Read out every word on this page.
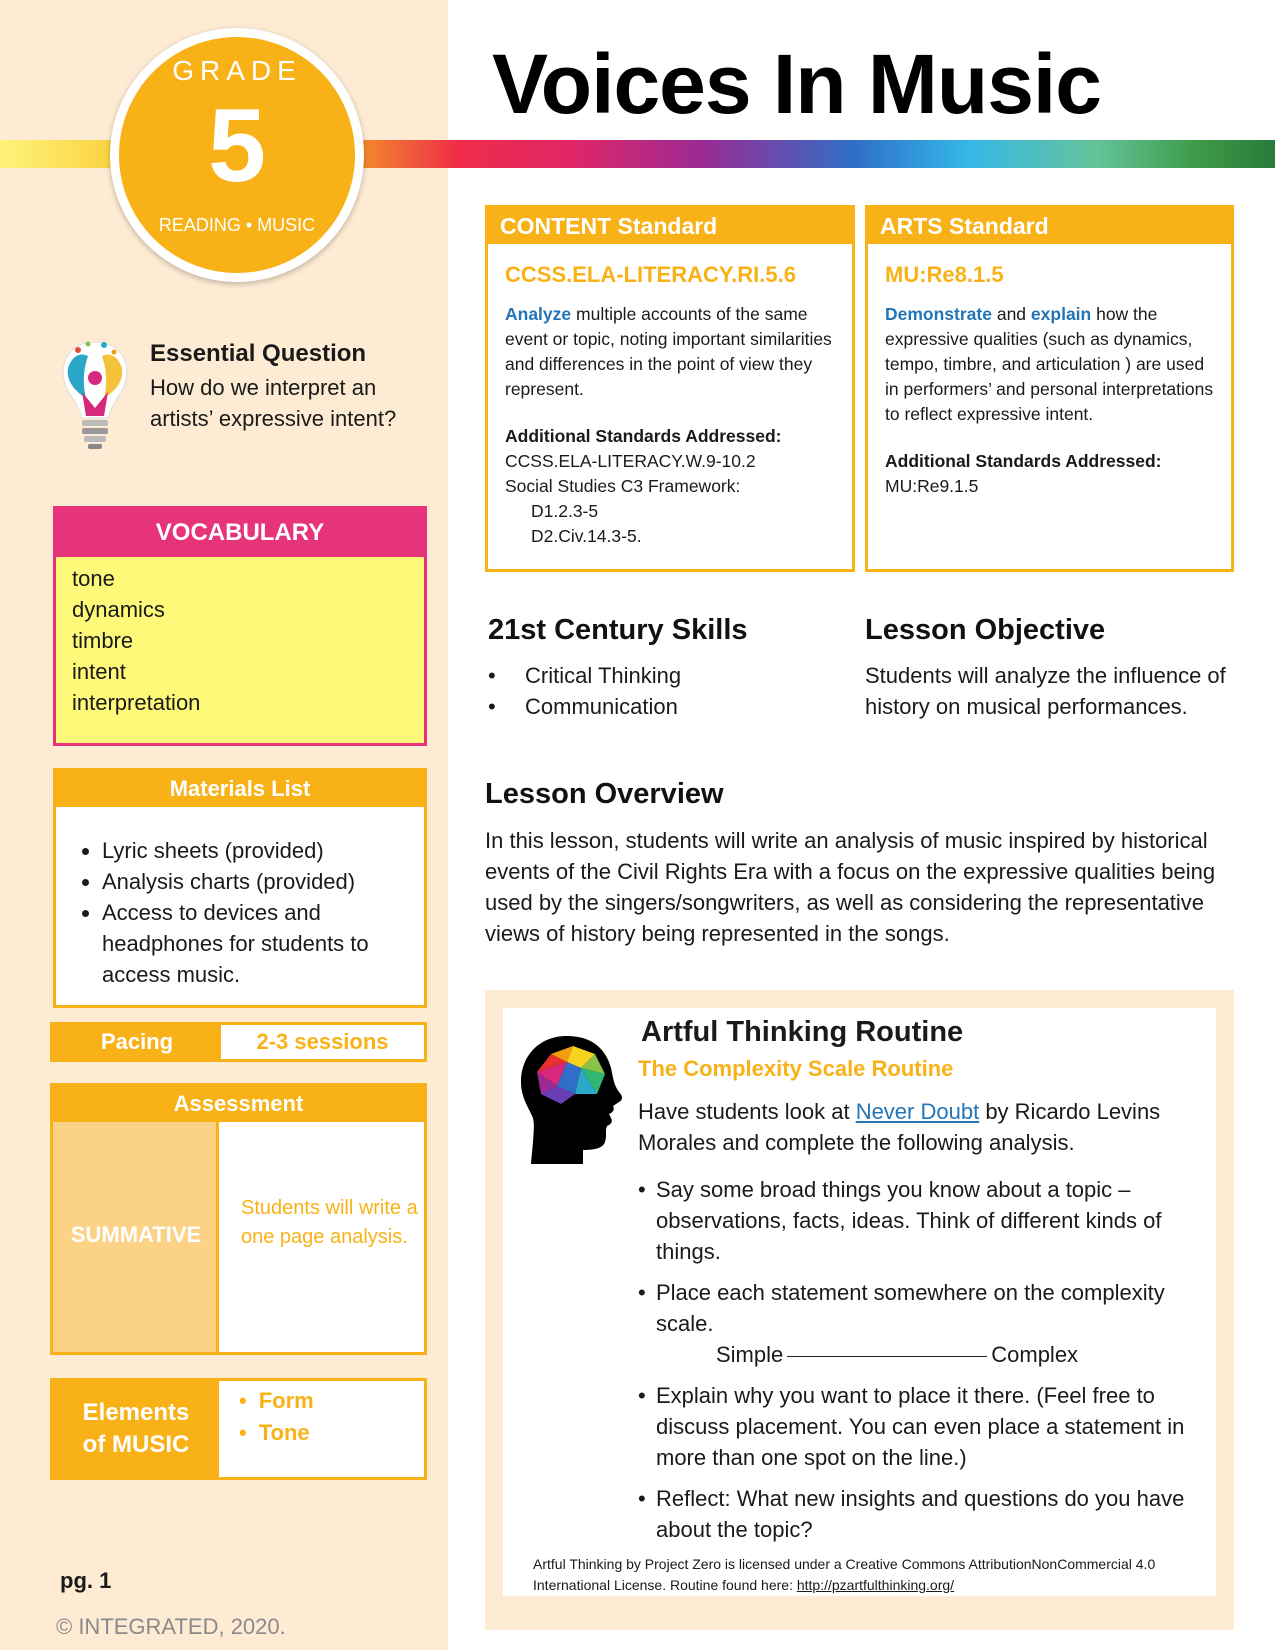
GRADE
5
READING • MUSIC
Voices In Music
Essential Question
How do we interpret an artists’ expressive intent?
VOCABULARY
tone
dynamics
timbre
intent
interpretation
Materials List
• Lyric sheets (provided)
• Analysis charts (provided)
• Access to devices and headphones for students to access music.
Pacing	2-3 sessions
Assessment
SUMMATIVE
Students will write a one page analysis.
Elements
of MUSIC
• Form
• Tone
pg. 1
© INTEGRATED, 2020.
CONTENT Standard
CCSS.ELA-LITERACY.RI.5.6
Analyze multiple accounts of the same event or topic, noting important similarities and differences in the point of view they represent.
Additional Standards Addressed:
CCSS.ELA-LITERACY.W.9-10.2
Social Studies C3 Framework:
D1.2.3-5
D2.Civ.14.3-5.
ARTS Standard
MU:Re8.1.5
Demonstrate and explain how the expressive qualities (such as dynamics, tempo, timbre, and articulation ) are used in performers’ and personal interpretations to reflect expressive intent.
Additional Standards Addressed:
MU:Re9.1.5
21st Century Skills
• Critical Thinking
• Communication
Lesson Objective
Students will analyze the influence of history on musical performances.
Lesson Overview
In this lesson, students will write an analysis of music inspired by historical events of the Civil Rights Era with a focus on the expressive qualities being used by the singers/songwriters, as well as considering the representative views of history being represented in the songs.
Artful Thinking Routine
The Complexity Scale Routine
Have students look at Never Doubt by Ricardo Levins Morales and complete the following analysis.
• Say some broad things you know about a topic – observations, facts, ideas. Think of different kinds of things.
• Place each statement somewhere on the complexity scale.
Simple	Complex
• Explain why you want to place it there. (Feel free to discuss placement. You can even place a statement in more than one spot on the line.)
• Reflect: What new insights and questions do you have about the topic?
Artful Thinking by Project Zero is licensed under a Creative Commons AttributionNonCommercial 4.0 International License. Routine found here: http://pzartfulthinking.org/
